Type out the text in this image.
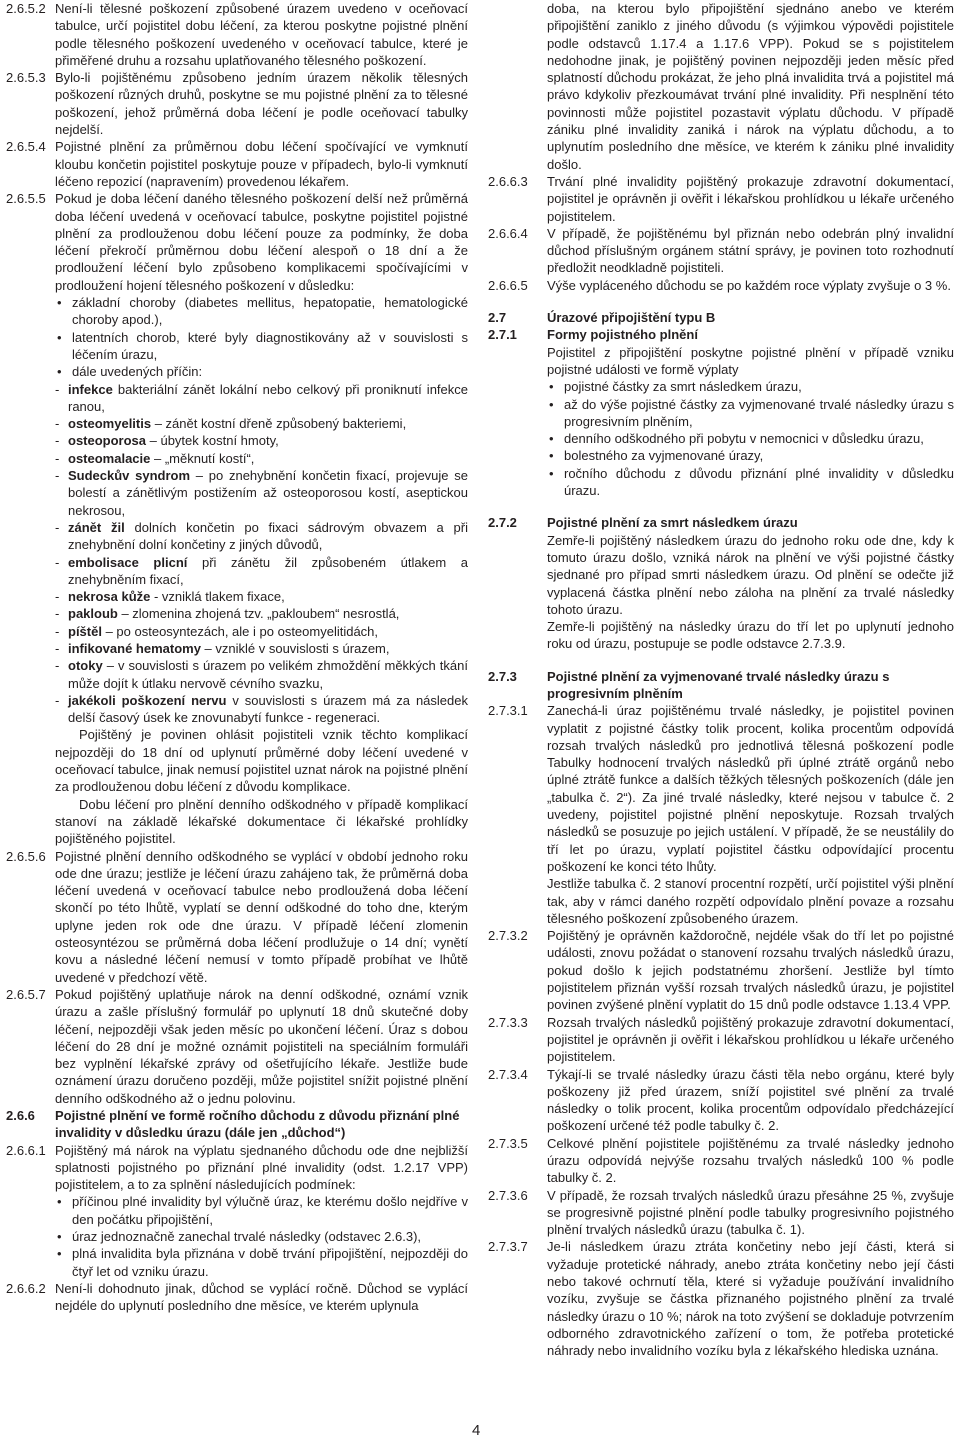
2.6.5.2 Není-li tělesné poškození způsobené úrazem uvedeno v oceňovací tabulce, určí pojistitel dobu léčení, za kterou poskytne pojistné plnění podle tělesného poškození uvedeného v oceňovací tabulce, které je přiměřené druhu a rozsahu uplatňovaného tělesného poškození.
2.6.5.3 Bylo-li pojištěnému způsobeno jedním úrazem několik tělesných poškození různých druhů, poskytne se mu pojistné plnění za to tělesné poškození, jehož průměrná doba léčení je podle oceňovací tabulky nejdelší.
2.6.5.4 Pojistné plnění za průměrnou dobu léčení spočívající ve vymknutí kloubu končetin pojistitel poskytuje pouze v případech, bylo-li vymknutí léčeno repozicí (napravením) provedenou lékařem.
2.6.5.5 Pokud je doba léčení daného tělesného poškození delší než průměrná doba léčení uvedená v oceňovací tabulce, poskytne pojistitel pojistné plnění za prodlouženou dobu léčení pouze za podmínky, že doba léčení překročí průměrnou dobu léčení alespoň o 18 dní a že prodloužení léčení bylo způsobeno komplikacemi spočívajícími v prodloužení hojení tělesného poškození v důsledku:
• základní choroby (diabetes mellitus, hepatopatie, hematologické choroby apod.),
• latentních chorob, které byly diagnostikovány až v souvislosti s léčením úrazu,
• dále uvedených příčin:
- infekce bakteriální zánět lokální nebo celkový při proniknutí infekce ranou,
- osteomyelitis – zánět kostní dřeně způsobený bakteriemi,
- osteoporosa – úbytek kostní hmoty,
- osteomalacie – „měknutí kostí“,
- Sudeckův syndrom – po znehybnění končetin fixací, projevuje se bolestí a zánětlivým postižením až osteoporosou kostí, aseptickou nekrosou,
- zánět žil dolních končetin po fixaci sádrovým obvazem a při znehybnění dolní končetiny z jiných důvodů,
- embolisace plicní při zánětu žil způsobeném útlakem a znehybněním fixací,
- nekrosa kůže - vzniklá tlakem fixace,
- pakloub – zlomenina zhojená tzv. „pakloubem“ nesrostlá,
- píštěl – po osteosyntezách, ale i po osteomyelitidách,
- infikované hematomy – vzniklé v souvislosti s úrazem,
- otoky – v souvislosti s úrazem po velikém zhmoždění měkkých tkání může dojít k útlaku nervově cévního svazku,
- jakékoli poškození nervu v souvislosti s úrazem má za následek delší časový úsek ke znovunabytí funkce - regeneraci.
Pojištěný je povinen ohlásit pojistiteli vznik těchto komplikací nejpozději do 18 dní od uplynutí průměrné doby léčení uvedené v oceňovací tabulce, jinak nemusí pojistitel uznat nárok na pojistné plnění za prodlouženou dobu léčení z důvodu komplikace.
Dobu léčení pro plnění denního odškodného v případě komplikací stanoví na základě lékařské dokumentace či lékařské prohlídky pojištěného pojistitel.
2.6.5.6 Pojistné plnění denního odškodného se vyplácí v období jednoho roku ode dne úrazu; jestliže je léčení úrazu zahájeno tak, že průměrná doba léčení uvedená v oceňovací tabulce nebo prodloužená doba léčení skončí po této lhůtě, vyplatí se denní odškodné do toho dne, kterým uplyne jeden rok ode dne úrazu. V případě léčení zlomenin osteosyntézou se průměrná doba léčení prodlužuje o 14 dní; vynětí kovu a následné léčení nemusí v tomto případě probíhat ve lhůtě uvedené v předchozí větě.
2.6.5.7 Pokud pojištěný uplatňuje nárok na denní odškodné, oznámí vznik úrazu a zašle příslušný formulář po uplynutí 18 dnů skutečné doby léčení, nejpozději však jeden měsíc po ukončení léčení. Úraz s dobou léčení do 28 dní je možné oznámit pojistiteli na speciálním formuláři bez vyplnění lékařské zprávy od ošetřujícího lékaře. Jestliže bude oznámení úrazu doručeno později, může pojistitel snížit pojistné plnění denního odškodného až o jednu polovinu.
2.6.6	Pojistné plnění ve formě ročního důchodu z důvodu přiznání plné invalidity v důsledku úrazu (dále jen „důchod“)
2.6.6.1 Pojištěný má nárok na výplatu sjednaného důchodu ode dne nejbližší splatnosti pojistného po přiznání plné invalidity (odst. 1.2.17 VPP) pojistitelem, a to za splnění následujících podmínek:
• příčinou plné invalidity byl výlučně úraz, ke kterému došlo nejdříve v den počátku připojištění,
• úraz jednoznačně zanechal trvalé následky (odstavec 2.6.3),
• plná invalidita byla přiznána v době trvání připojištění, nejpozději do čtyř let od vzniku úrazu.
2.6.6.2 Není-li dohodnuto jinak, důchod se vyplácí ročně. Důchod se vyplácí nejdéle do uplynutí posledního dne měsíce, ve kterém uplynula
doba, na kterou bylo připojištění sjednáno anebo ve kterém připojištění zaniklo z jiného důvodu (s výjimkou výpovědi pojistitele podle odstavců 1.17.4 a 1.17.6 VPP). Pokud se s pojistitelem nedohodne jinak, je pojištěný povinen nejpozději jeden měsíc před splatností důchodu prokázat, že jeho plná invalidita trvá a pojistitel má právo kdykoliv přezkoumávat trvání plné invalidity. Při nesplnění této povinnosti může pojistitel pozastavit výplatu důchodu. V případě zániku plné invalidity zaniká i nárok na výplatu důchodu, a to uplynutím posledního dne měsíce, ve kterém k zániku plné invalidity došlo.
2.6.6.3	Trvání plné invalidity pojištěný prokazuje zdravotní dokumentací, pojistitel je oprávněn ji ověřit i lékařskou prohlídkou u lékaře určeného pojistitelem.
2.6.6.4	V případě, že pojištěnému byl přiznán nebo odebrán plný invalidní důchod příslušným orgánem státní správy, je povinen toto rozhodnutí předložit neodkladně pojistiteli.
2.6.6.5	Výše vypláceného důchodu se po každém roce výplaty zvyšuje o 3 %.
2.7	Úrazové připojištění typu B
2.7.1	Formy pojistného plnění
Pojistitel z připojištění poskytne pojistné plnění v případě vzniku pojistné události ve formě výplaty
• pojistné částky za smrt následkem úrazu,
• až do výše pojistné částky za vyjmenované trvalé následky úrazu s progresivním plněním,
• denního odškodného při pobytu v nemocnici v důsledku úrazu,
• bolestného za vyjmenované úrazy,
• ročního důchodu z důvodu přiznání plné invalidity v důsledku úrazu.
2.7.2	Pojistné plnění za smrt následkem úrazu
Zemře-li pojištěný následkem úrazu do jednoho roku ode dne, kdy k tomuto úrazu došlo, vzniká nárok na plnění ve výši pojistné částky sjednané pro případ smrti následkem úrazu. Od plnění se odečte již vyplacená částka plnění nebo záloha na plnění za trvalé následky tohoto úrazu.
Zemře-li pojištěný na následky úrazu do tří let po uplynutí jednoho roku od úrazu, postupuje se podle odstavce 2.7.3.9.
2.7.3	Pojistné plnění za vyjmenované trvalé následky úrazu s progresivním plněním
2.7.3.1	Zanechá-li úraz pojištěnému trvalé následky, je pojistitel povinen vyplatit z pojistné částky tolik procent, kolika procentům odpovídá rozsah trvalých následků pro jednotlivá tělesná poškození podle Tabulky hodnocení trvalých následků při úplné ztrátě orgánů nebo úplné ztrátě funkce a dalších těžkých tělesných poškozeních (dále jen „tabulka č. 2“). Za jiné trvalé následky, které nejsou v tabulce č. 2 uvedeny, pojistitel pojistné plnění neposkytuje. Rozsah trvalých následků se posuzuje po jejich ustálení. V případě, že se neustálily do tří let po úrazu, vyplatí pojistitel částku odpovídající procentu poškození ke konci této lhůty.
Jestliže tabulka č. 2 stanoví procentní rozpětí, určí pojistitel výši plnění tak, aby v rámci daného rozpětí odpovídalo plnění povaze a rozsahu tělesného poškození způsobeného úrazem.
2.7.3.2	Pojištěný je oprávněn každoročně, nejdéle však do tří let po pojistné události, znovu požádat o stanovení rozsahu trvalých následků úrazu, pokud došlo k jejich podstatnému zhoršení. Jestliže byl tímto pojistitelem přiznán vyšší rozsah trvalých následků úrazu, je pojistitel povinen zvýšené plnění vyplatit do 15 dnů podle odstavce 1.13.4 VPP.
2.7.3.3	Rozsah trvalých následků pojištěný prokazuje zdravotní dokumentací, pojistitel je oprávněn ji ověřit i lékařskou prohlídkou u lékaře určeného pojistitelem.
2.7.3.4	Týkají-li se trvalé následky úrazu části těla nebo orgánu, které byly poškozeny již před úrazem, sníží pojistitel své plnění za trvalé následky o tolik procent, kolika procentům odpovídalo předcházející poškození určené též podle tabulky č. 2.
2.7.3.5	Celkové plnění pojistitele pojištěnému za trvalé následky jednoho úrazu odpovídá nejvýše rozsahu trvalých následků 100 % podle tabulky č. 2.
2.7.3.6	V případě, že rozsah trvalých následků úrazu přesáhne 25 %, zvyšuje se progresivně pojistné plnění podle tabulky progresivního pojistného plnění trvalých následků úrazu (tabulka č. 1).
2.7.3.7	Je-li následkem úrazu ztráta končetiny nebo její části, která si vyžaduje protetické náhrady, anebo ztráta končetiny nebo její části nebo takové ochrnutí těla, které si vyžaduje používání invalidního vozíku, zvyšuje se částka přiznaného pojistného plnění za trvalé následky úrazu o 10 %; nárok na toto zvýšení se dokladuje potvrzením odborného zdravotnického zařízení o tom, že potřeba protetické náhrady nebo invalidního vozíku byla z lékařského hlediska uznána.
4
